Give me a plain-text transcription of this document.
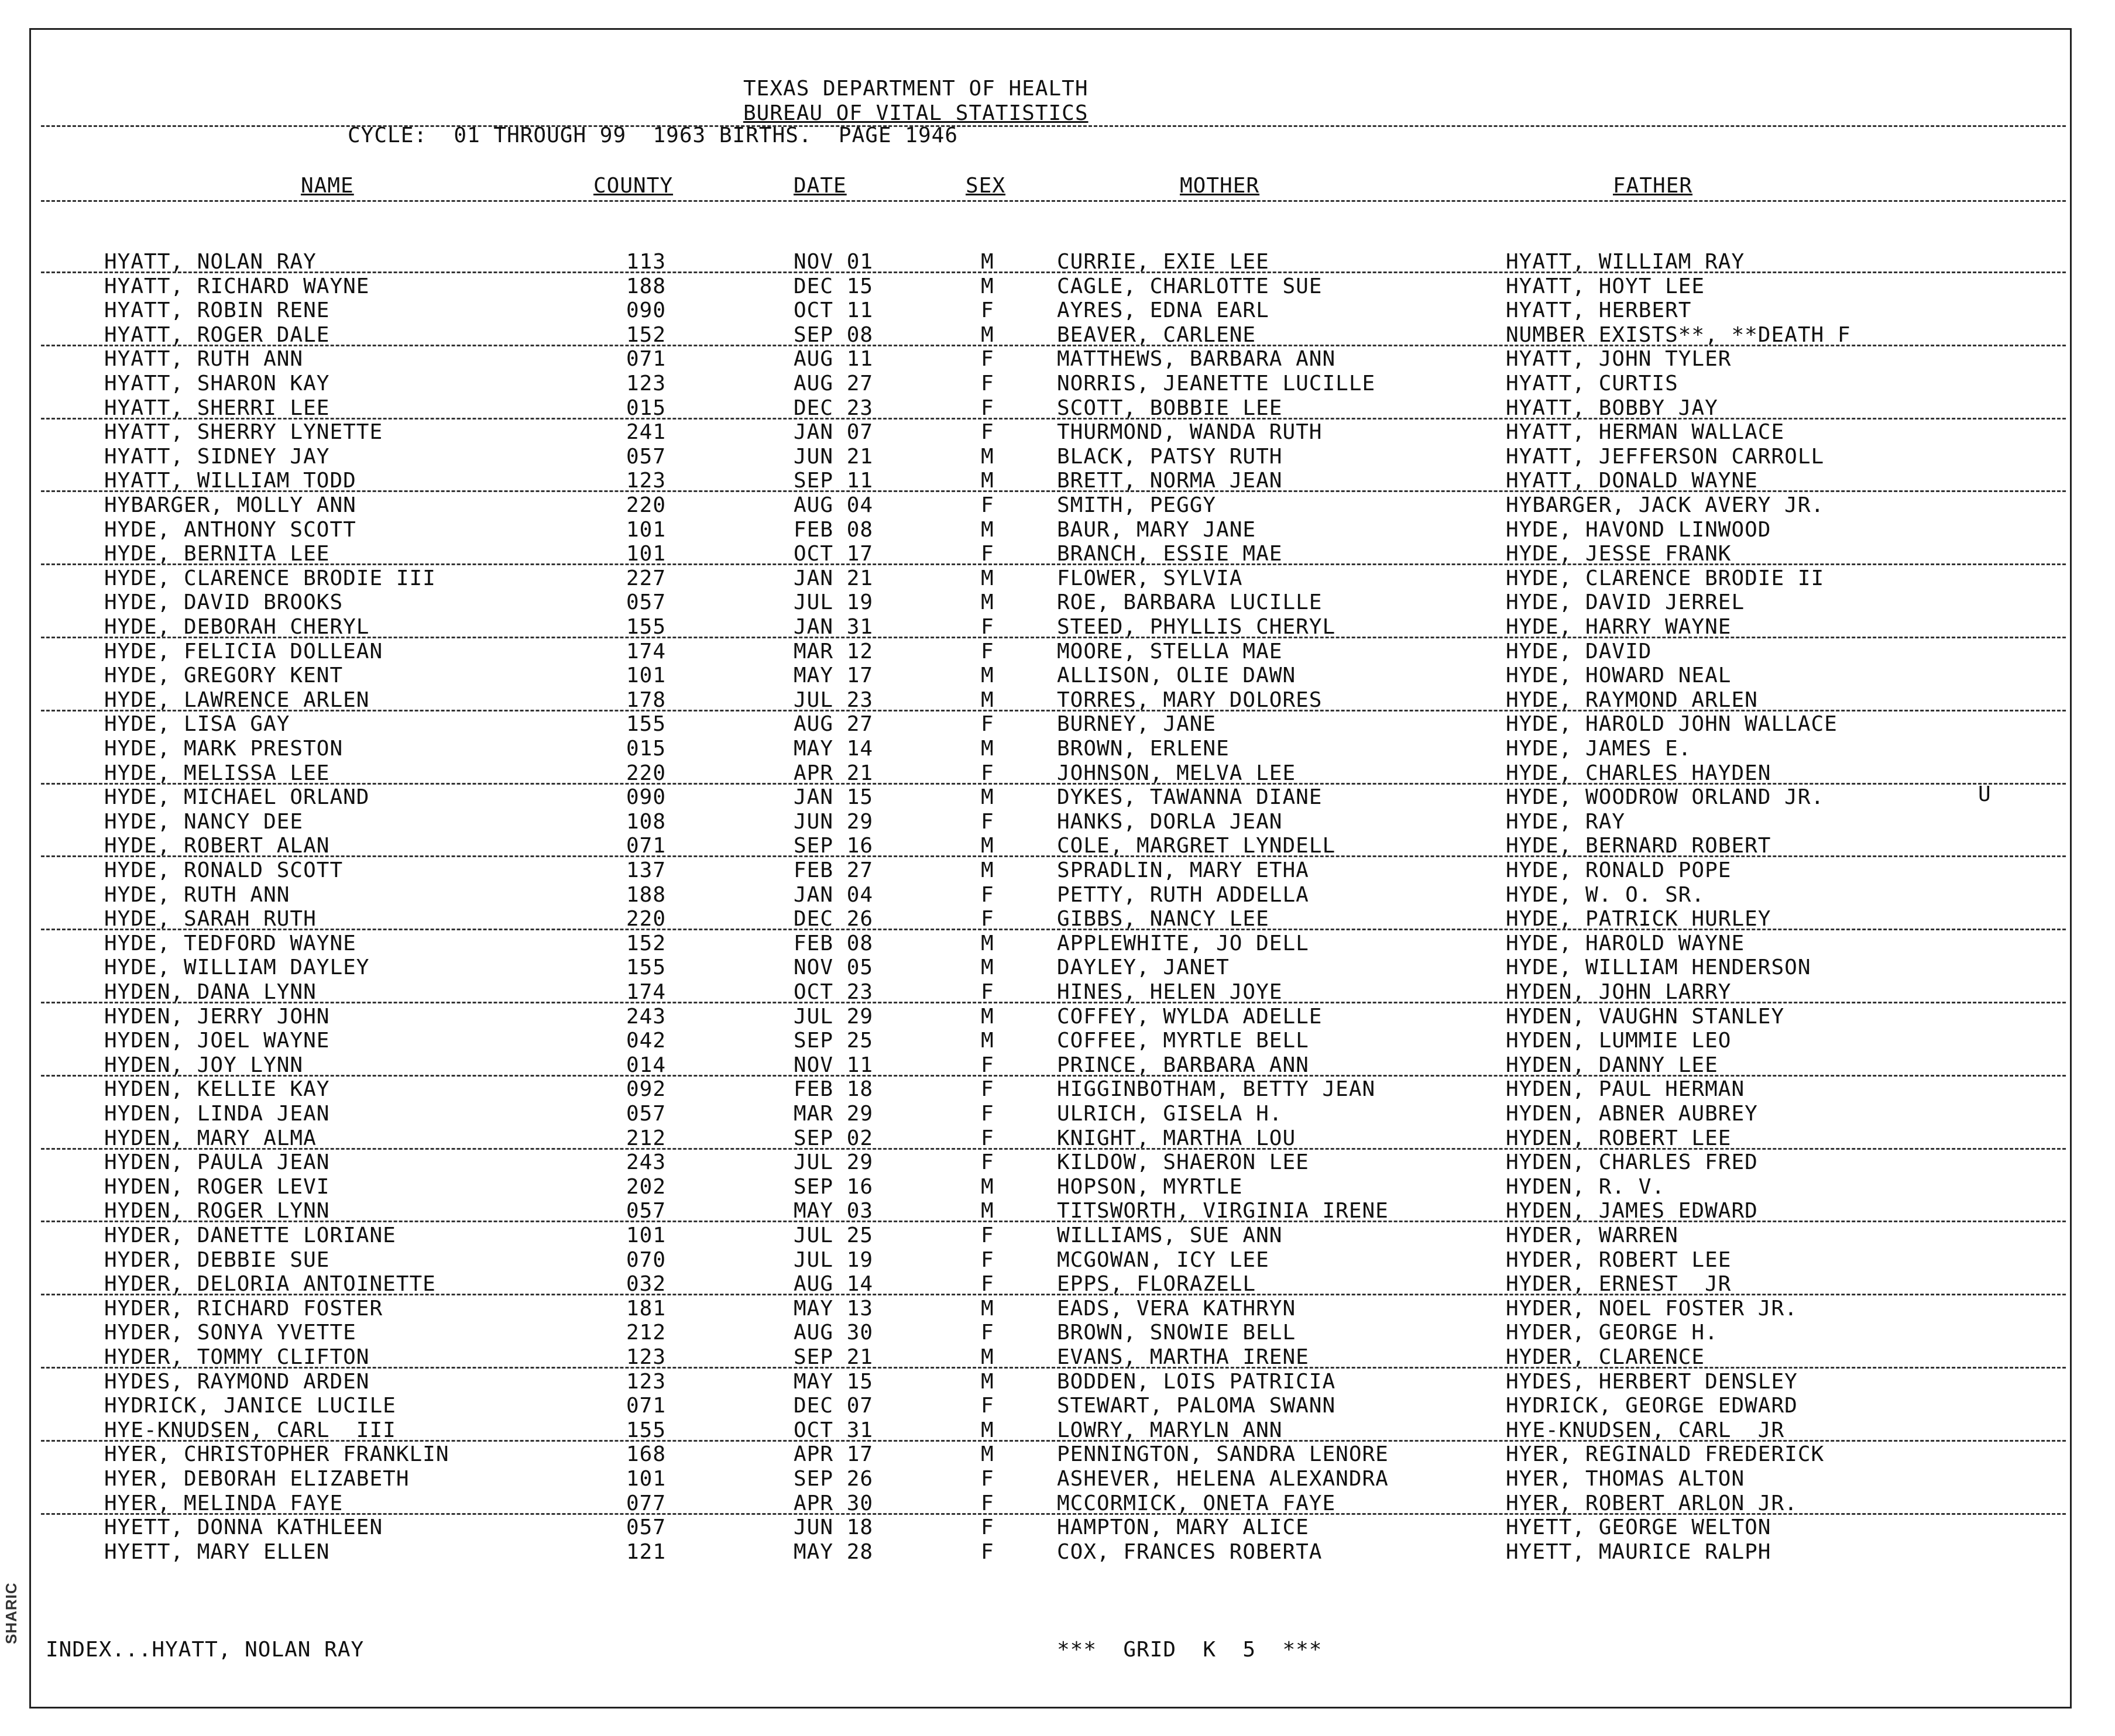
SHARIC
TEXAS DEPARTMENT OF HEALTH
BUREAU OF VITAL STATISTICS
CYCLE:  01 THROUGH 99  1963 BIRTHS.  PAGE 1946
NAME	COUNTY	DATE	SEX	MOTHER	FATHER
HYATT, NOLAN RAY	113	NOV 01	M	CURRIE, EXIE LEE	HYATT, WILLIAM RAY
HYATT, RICHARD WAYNE	188	DEC 15	M	CAGLE, CHARLOTTE SUE	HYATT, HOYT LEE
HYATT, ROBIN RENE	090	OCT 11	F	AYRES, EDNA EARL	HYATT, HERBERT
HYATT, ROGER DALE	152	SEP 08	M	BEAVER, CARLENE	NUMBER EXISTS**, **DEATH F
HYATT, RUTH ANN	071	AUG 11	F	MATTHEWS, BARBARA ANN	HYATT, JOHN TYLER
HYATT, SHARON KAY	123	AUG 27	F	NORRIS, JEANETTE LUCILLE	HYATT, CURTIS
HYATT, SHERRI LEE	015	DEC 23	F	SCOTT, BOBBIE LEE	HYATT, BOBBY JAY
HYATT, SHERRY LYNETTE	241	JAN 07	F	THURMOND, WANDA RUTH	HYATT, HERMAN WALLACE
HYATT, SIDNEY JAY	057	JUN 21	M	BLACK, PATSY RUTH	HYATT, JEFFERSON CARROLL
HYATT, WILLIAM TODD	123	SEP 11	M	BRETT, NORMA JEAN	HYATT, DONALD WAYNE
HYBARGER, MOLLY ANN	220	AUG 04	F	SMITH, PEGGY	HYBARGER, JACK AVERY JR.
HYDE, ANTHONY SCOTT	101	FEB 08	M	BAUR, MARY JANE	HYDE, HAVOND LINWOOD
HYDE, BERNITA LEE	101	OCT 17	F	BRANCH, ESSIE MAE	HYDE, JESSE FRANK
HYDE, CLARENCE BRODIE III	227	JAN 21	M	FLOWER, SYLVIA	HYDE, CLARENCE BRODIE II
HYDE, DAVID BROOKS	057	JUL 19	M	ROE, BARBARA LUCILLE	HYDE, DAVID JERREL
HYDE, DEBORAH CHERYL	155	JAN 31	F	STEED, PHYLLIS CHERYL	HYDE, HARRY WAYNE
HYDE, FELICIA DOLLEAN	174	MAR 12	F	MOORE, STELLA MAE	HYDE, DAVID
HYDE, GREGORY KENT	101	MAY 17	M	ALLISON, OLIE DAWN	HYDE, HOWARD NEAL
HYDE, LAWRENCE ARLEN	178	JUL 23	M	TORRES, MARY DOLORES	HYDE, RAYMOND ARLEN
HYDE, LISA GAY	155	AUG 27	F	BURNEY, JANE	HYDE, HAROLD JOHN WALLACE
HYDE, MARK PRESTON	015	MAY 14	M	BROWN, ERLENE	HYDE, JAMES E.
HYDE, MELISSA LEE	220	APR 21	F	JOHNSON, MELVA LEE	HYDE, CHARLES HAYDEN
HYDE, MICHAEL ORLAND	090	JAN 15	M	DYKES, TAWANNA DIANE	HYDE, WOODROW ORLAND JR.
HYDE, NANCY DEE	108	JUN 29	F	HANKS, DORLA JEAN	HYDE, RAY
HYDE, ROBERT ALAN	071	SEP 16	M	COLE, MARGRET LYNDELL	HYDE, BERNARD ROBERT
HYDE, RONALD SCOTT	137	FEB 27	M	SPRADLIN, MARY ETHA	HYDE, RONALD POPE
HYDE, RUTH ANN	188	JAN 04	F	PETTY, RUTH ADDELLA	HYDE, W. O. SR.
HYDE, SARAH RUTH	220	DEC 26	F	GIBBS, NANCY LEE	HYDE, PATRICK HURLEY
HYDE, TEDFORD WAYNE	152	FEB 08	M	APPLEWHITE, JO DELL	HYDE, HAROLD WAYNE
HYDE, WILLIAM DAYLEY	155	NOV 05	M	DAYLEY, JANET	HYDE, WILLIAM HENDERSON
HYDEN, DANA LYNN	174	OCT 23	F	HINES, HELEN JOYE	HYDEN, JOHN LARRY
HYDEN, JERRY JOHN	243	JUL 29	M	COFFEY, WYLDA ADELLE	HYDEN, VAUGHN STANLEY
HYDEN, JOEL WAYNE	042	SEP 25	M	COFFEE, MYRTLE BELL	HYDEN, LUMMIE LEO
HYDEN, JOY LYNN	014	NOV 11	F	PRINCE, BARBARA ANN	HYDEN, DANNY LEE
HYDEN, KELLIE KAY	092	FEB 18	F	HIGGINBOTHAM, BETTY JEAN	HYDEN, PAUL HERMAN
HYDEN, LINDA JEAN	057	MAR 29	F	ULRICH, GISELA H.	HYDEN, ABNER AUBREY
HYDEN, MARY ALMA	212	SEP 02	F	KNIGHT, MARTHA LOU	HYDEN, ROBERT LEE
HYDEN, PAULA JEAN	243	JUL 29	F	KILDOW, SHAERON LEE	HYDEN, CHARLES FRED
HYDEN, ROGER LEVI	202	SEP 16	M	HOPSON, MYRTLE	HYDEN, R. V.
HYDEN, ROGER LYNN	057	MAY 03	M	TITSWORTH, VIRGINIA IRENE	HYDEN, JAMES EDWARD
HYDER, DANETTE LORIANE	101	JUL 25	F	WILLIAMS, SUE ANN	HYDER, WARREN
HYDER, DEBBIE SUE	070	JUL 19	F	MCGOWAN, ICY LEE	HYDER, ROBERT LEE
HYDER, DELORIA ANTOINETTE	032	AUG 14	F	EPPS, FLORAZELL	HYDER, ERNEST  JR
HYDER, RICHARD FOSTER	181	MAY 13	M	EADS, VERA KATHRYN	HYDER, NOEL FOSTER JR.
HYDER, SONYA YVETTE	212	AUG 30	F	BROWN, SNOWIE BELL	HYDER, GEORGE H.
HYDER, TOMMY CLIFTON	123	SEP 21	M	EVANS, MARTHA IRENE	HYDER, CLARENCE
HYDES, RAYMOND ARDEN	123	MAY 15	M	BODDEN, LOIS PATRICIA	HYDES, HERBERT DENSLEY
HYDRICK, JANICE LUCILE	071	DEC 07	F	STEWART, PALOMA SWANN	HYDRICK, GEORGE EDWARD
HYE-KNUDSEN, CARL  III	155	OCT 31	M	LOWRY, MARYLN ANN	HYE-KNUDSEN, CARL  JR
HYER, CHRISTOPHER FRANKLIN	168	APR 17	M	PENNINGTON, SANDRA LENORE	HYER, REGINALD FREDERICK
HYER, DEBORAH ELIZABETH	101	SEP 26	F	ASHEVER, HELENA ALEXANDRA	HYER, THOMAS ALTON
HYER, MELINDA FAYE	077	APR 30	F	MCCORMICK, ONETA FAYE	HYER, ROBERT ARLON JR.
HYETT, DONNA KATHLEEN	057	JUN 18	F	HAMPTON, MARY ALICE	HYETT, GEORGE WELTON
HYETT, MARY ELLEN	121	MAY 28	F	COX, FRANCES ROBERTA	HYETT, MAURICE RALPH
U
INDEX...HYATT, NOLAN RAY	***  GRID  K  5  ***
